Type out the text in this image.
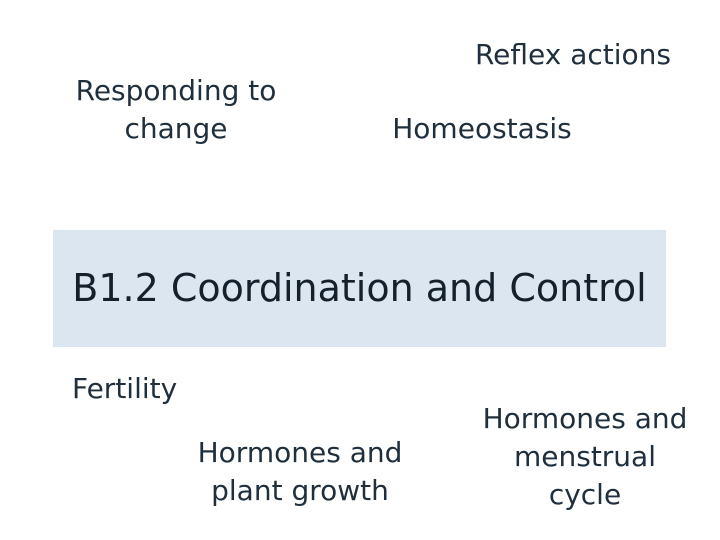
Responding to
change
Reflex actions
Homeostasis
B1.2 Coordination and Control
Fertility
Hormones and
plant growth
Hormones and
menstrual
cycle
